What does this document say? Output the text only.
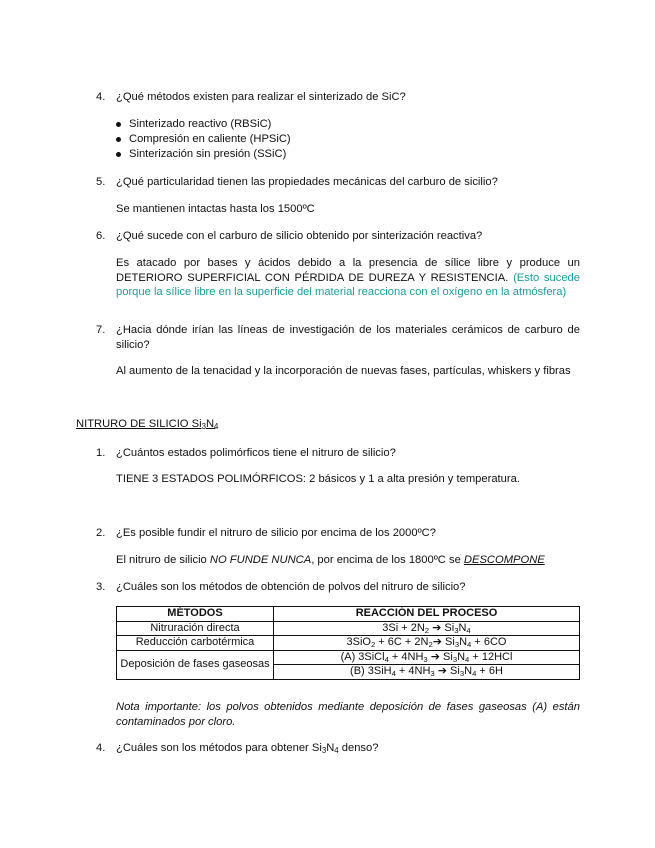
4. ¿Qué métodos existen para realizar el sinterizado de SiC?
Sinterizado reactivo (RBSiC)
Compresión en caliente (HPSiC)
Sinterización sin presión (SSiC)
5. ¿Qué particularidad tienen las propiedades mecánicas del carburo de sicilio?
Se mantienen intactas hasta los 1500ºC
6. ¿Qué sucede con el carburo de silicio obtenido por sinterización reactiva?
Es atacado por bases y ácidos debido a la presencia de sílice libre y produce un DETERIORO SUPERFICIAL CON PÉRDIDA DE DUREZA Y RESISTENCIA. (Esto sucede porque la sílice libre en la superficie del material reacciona con el oxígeno en la atmósfera)
7. ¿Hacia dónde irían las líneas de investigación de los materiales cerámicos de carburo de silicio?
Al aumento de la tenacidad y la incorporación de nuevas fases, partículas, whiskers y fibras
NITRURO DE SILICIO $Si_3N_4$
1. ¿Cuántos estados polimórficos tiene el nitruro de silicio?
TIENE 3 ESTADOS POLIMÓRFICOS: 2 básicos y 1 a alta presión y temperatura.
2. ¿Es posible fundir el nitruro de silicio por encima de los 2000ºC?
El nitruro de silicio NO FUNDE NUNCA, por encima de los 1800ºC se DESCOMPONE
3. ¿Cuáles son los métodos de obtención de polvos del nitruro de silicio?
MÉTODOS	REACCIÓN DEL PROCESO
Nitruración directa	$3Si + 2N_2$ ➔ $Si_3N_4$
Reducción carbotérmica	$3SiO_2 + 6C + 2N_2➔$ $Si_3N_4 + 6CO$
Deposición de fases gaseosas	(A) 3SiCl$_4$ + $4NH_3$ ➔ $Si_3N_4 + 12HCl$
	(B) $3SiH_4 + 4NH_3$ ➔ $Si_3N_4 + 6H$
Nota importante: los polvos obtenidos mediante deposición de fases gaseosas (A) están contaminados por cloro.
4. ¿Cuáles son los métodos para obtener $Si_3N_4$ denso?
